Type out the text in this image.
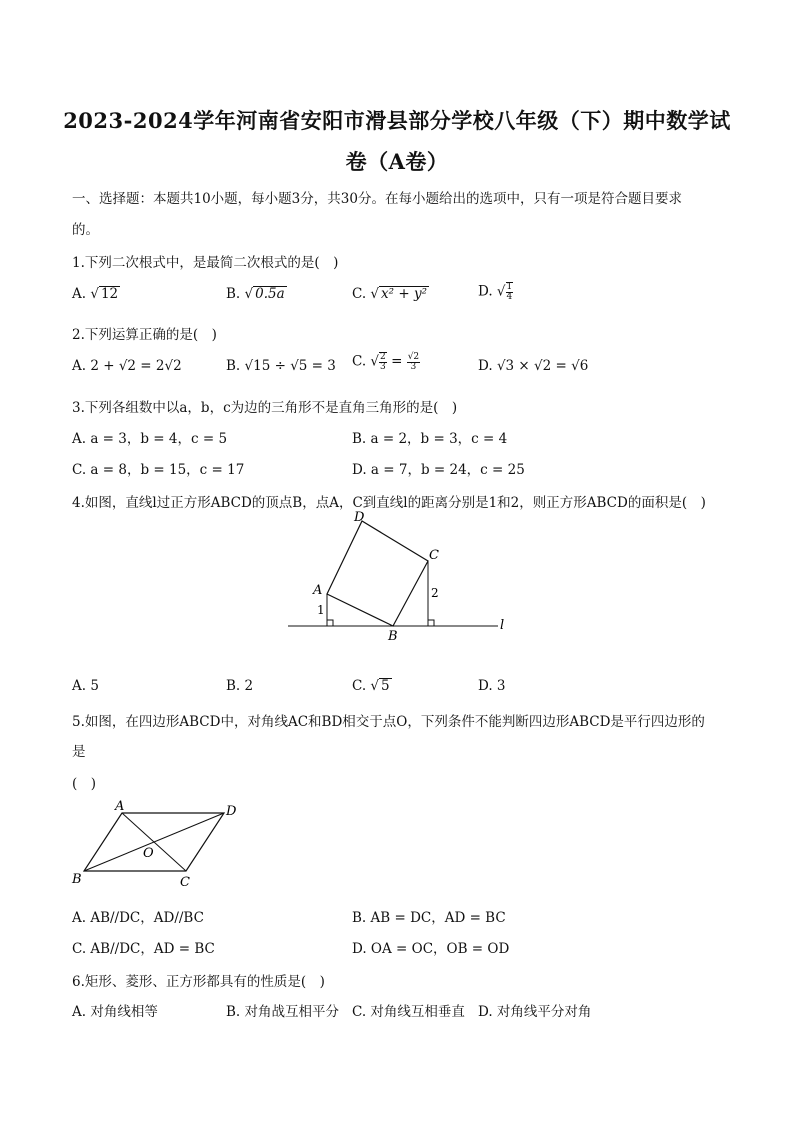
2023-2024学年河南省安阳市滑县部分学校八年级（下）期中数学试
卷（A卷）
一、选择题：本题共10小题，每小题3分，共30分。在每小题给出的选项中，只有一项是符合题目要求
的。
1.下列二次根式中，是最简二次根式的是(　)
A. √ 12	B. √ 0.5a	C. √ x² + y²	D. √ $\frac{1}{4}$
2.下列运算正确的是(　)
A. 2 + √2 = 2√2	B. √15 ÷ √5 = 3 C. √ $\frac{2}{3} = \frac{√2}{3}$	D. √3 × √2 = √6
3.下列各组数中以a，b，c为边的三角形不是直角三角形的是(　)
A. a = 3，b = 4，c = 5	B. a = 2，b = 3，c = 4
C. a = 8，b = 15，c = 17	D. a = 7，b = 24，c = 25
4.如图，直线l过正方形ABCD的顶点B，点A，C到直线l的距离分别是1和2，则正方形ABCD的面积是(　)
D
C
A
B
l
1
2
A. 5	B. 2	C. √ 5	D. 3
5.如图，在四边形ABCD中，对角线AC和BD相交于点O，下列条件不能判断四边形ABCD是平行四边形的
是
(　)
A	D
O
B	C
A. AB//DC，AD//BC	B. AB = DC，AD = BC
C. AB//DC，AD = BC	D. OA = OC，OB = OD
6.矩形、菱形、正方形都具有的性质是(　)
A. 对角线相等	B. 对角战互相平分 C. 对角线互相垂直 D. 对角线平分对角
